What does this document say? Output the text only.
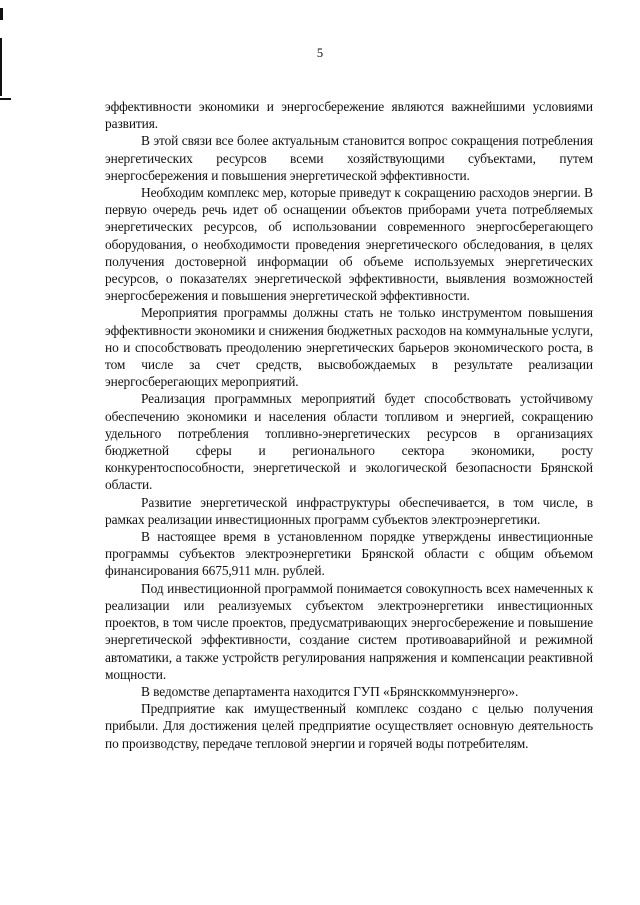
5

эффективности экономики и энергосбережение являются важнейшими условиями развития.

В этой связи все более актуальным становится вопрос сокращения потребления энергетических ресурсов всеми хозяйствующими субъектами, путем энергосбережения и повышения энергетической эффективности.

Необходим комплекс мер, которые приведут к сокращению расходов энергии. В первую очередь речь идет об оснащении объектов приборами учета потребляемых энергетических ресурсов, об использовании современного энергосберегающего оборудования, о необходимости проведения энергетического обследования, в целях получения достоверной информации об объеме используемых энергетических ресурсов, о показателях энергетической эффективности, выявления возможностей энергосбережения и повышения энергетической эффективности.

Мероприятия программы должны стать не только инструментом повышения эффективности экономики и снижения бюджетных расходов на коммунальные услуги, но и способствовать преодолению энергетических барьеров экономического роста, в том числе за счет средств, высвобождаемых в результате реализации энергосберегающих мероприятий.

Реализация программных мероприятий будет способствовать устойчивому обеспечению экономики и населения области топливом и энергией, сокращению удельного потребления топливно-энергетических ресурсов в организациях бюджетной сферы и регионального сектора экономики, росту конкурентоспособности, энергетической и экологической безопасности Брянской области.

Развитие энергетической инфраструктуры обеспечивается, в том числе, в рамках реализации инвестиционных программ субъектов электроэнергетики.

В настоящее время в установленном порядке утверждены инвестиционные программы субъектов электроэнергетики Брянской области с общим объемом финансирования 6675,911 млн. рублей.

Под инвестиционной программой понимается совокупность всех намеченных к реализации или реализуемых субъектом электроэнергетики инвестиционных проектов, в том числе проектов, предусматривающих энергосбережение и повышение энергетической эффективности, создание систем противоаварийной и режимной автоматики, а также устройств регулирования напряжения и компенсации реактивной мощности.

В ведомстве департамента находится ГУП «Брянсккоммунэнерго».

Предприятие как имущественный комплекс создано с целью получения прибыли. Для достижения целей предприятие осуществляет основную деятельность по производству, передаче тепловой энергии и горячей воды потребителям.
